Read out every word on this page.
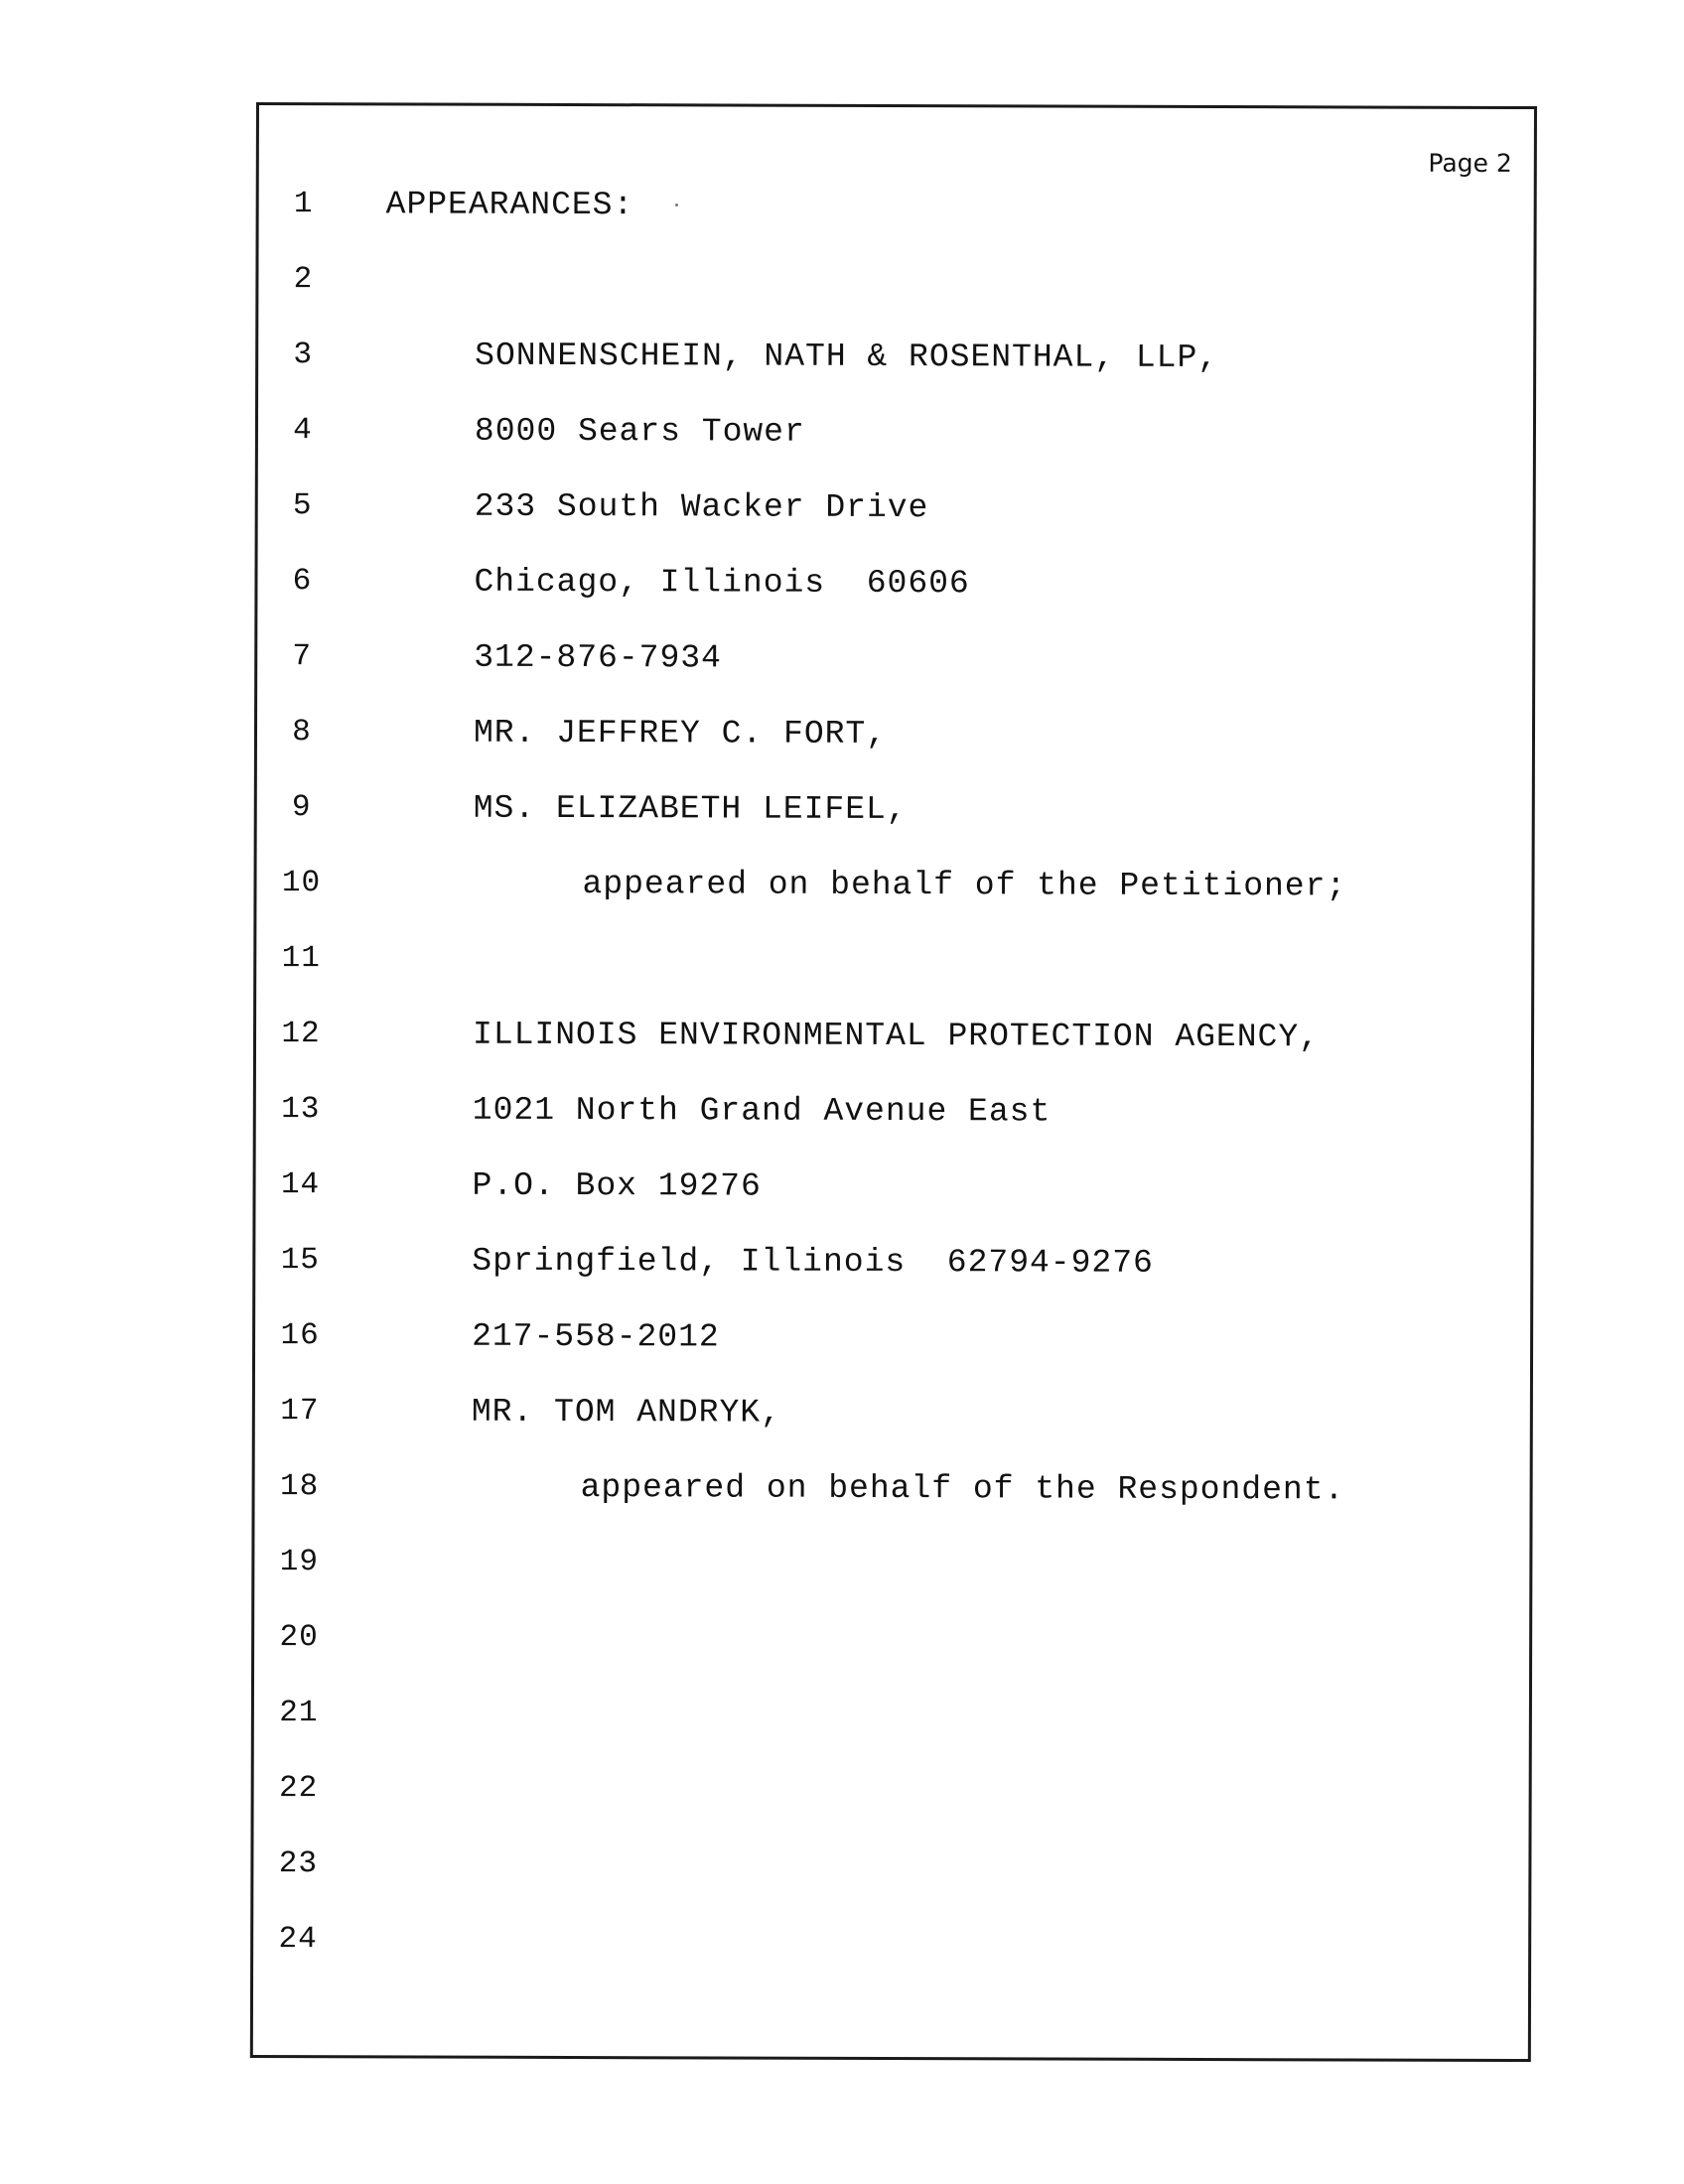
Page 2
1	APPEARANCES:
2
3	SONNENSCHEIN, NATH & ROSENTHAL, LLP,
4	8000 Sears Tower
5	233 South Wacker Drive
6	Chicago, Illinois  60606
7	312-876-7934
8	MR. JEFFREY C. FORT,
9	MS. ELIZABETH LEIFEL,
10	appeared on behalf of the Petitioner;
11
12	ILLINOIS ENVIRONMENTAL PROTECTION AGENCY,
13	1021 North Grand Avenue East
14	P.O. Box 19276
15	Springfield, Illinois  62794-9276
16	217-558-2012
17	MR. TOM ANDRYK,
18	appeared on behalf of the Respondent.
19
20
21
22
23
24
